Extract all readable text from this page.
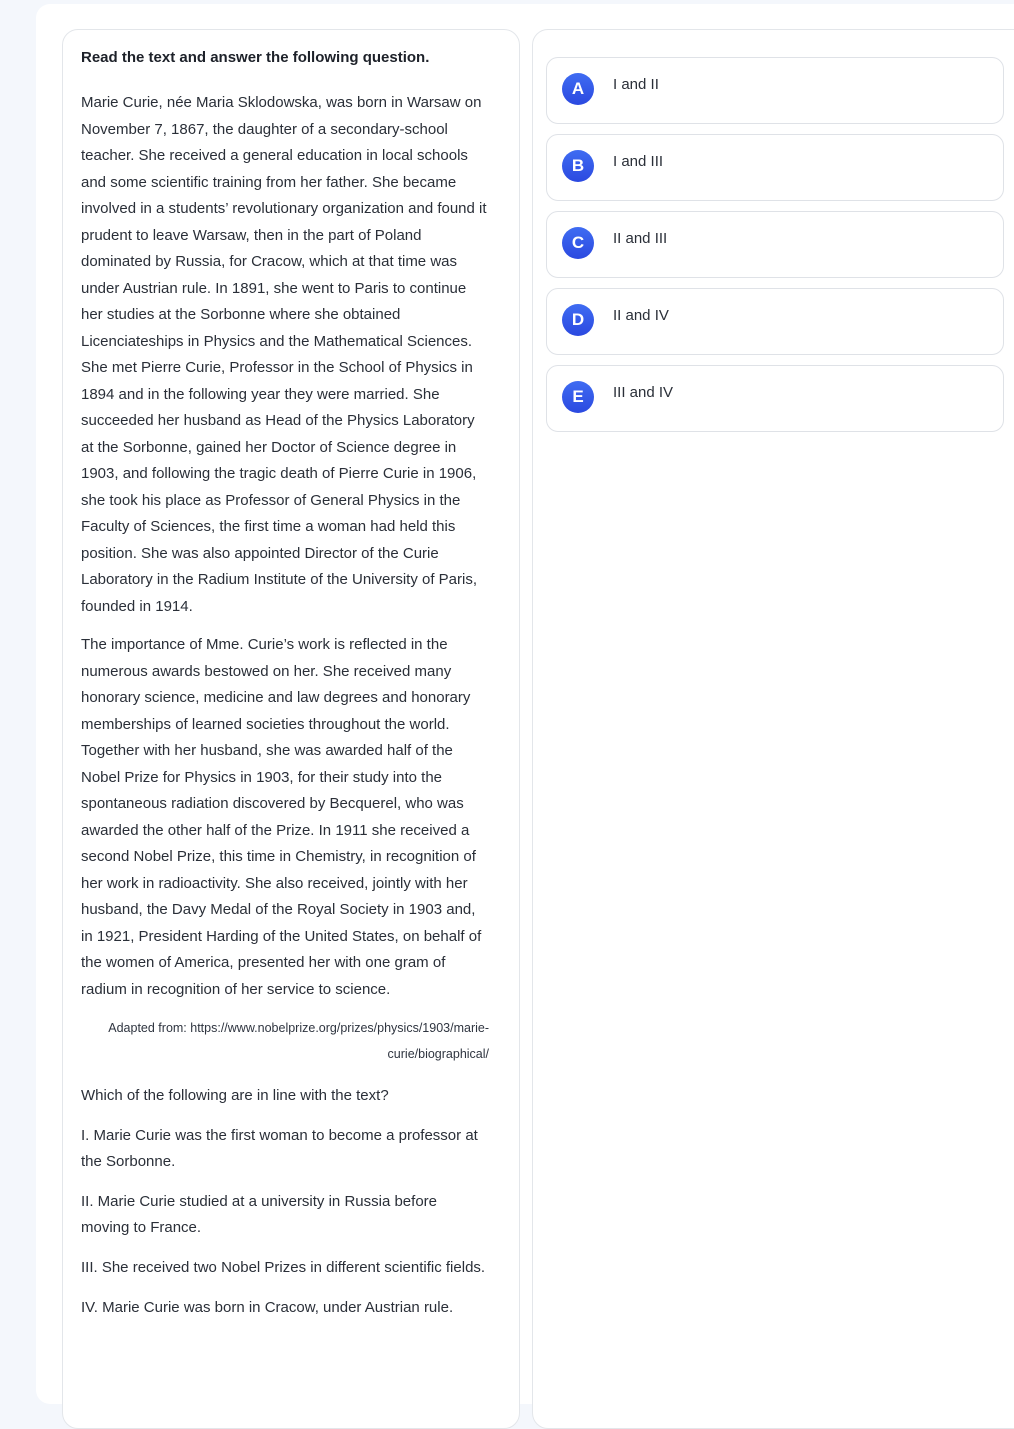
Read the text and answer the following question.

Marie Curie, née Maria Sklodowska, was born in Warsaw on November 7, 1867, the daughter of a secondary-school teacher. She received a general education in local schools and some scientific training from her father. She became involved in a students’ revolutionary organization and found it prudent to leave Warsaw, then in the part of Poland dominated by Russia, for Cracow, which at that time was under Austrian rule. In 1891, she went to Paris to continue her studies at the Sorbonne where she obtained Licenciateships in Physics and the Mathematical Sciences. She met Pierre Curie, Professor in the School of Physics in 1894 and in the following year they were married. She succeeded her husband as Head of the Physics Laboratory at the Sorbonne, gained her Doctor of Science degree in 1903, and following the tragic death of Pierre Curie in 1906, she took his place as Professor of General Physics in the Faculty of Sciences, the first time a woman had held this position. She was also appointed Director of the Curie Laboratory in the Radium Institute of the University of Paris, founded in 1914.

The importance of Mme. Curie’s work is reflected in the numerous awards bestowed on her. She received many honorary science, medicine and law degrees and honorary memberships of learned societies throughout the world. Together with her husband, she was awarded half of the Nobel Prize for Physics in 1903, for their study into the spontaneous radiation discovered by Becquerel, who was awarded the other half of the Prize. In 1911 she received a second Nobel Prize, this time in Chemistry, in recognition of her work in radioactivity. She also received, jointly with her husband, the Davy Medal of the Royal Society in 1903 and, in 1921, President Harding of the United States, on behalf of the women of America, presented her with one gram of radium in recognition of her service to science.

Adapted from: https://www.nobelprize.org/prizes/physics/1903/marie-curie/biographical/

Which of the following are in line with the text?

I. Marie Curie was the first woman to become a professor at the Sorbonne.

II. Marie Curie studied at a university in Russia before moving to France.

III. She received two Nobel Prizes in different scientific fields.

IV. Marie Curie was born in Cracow, under Austrian rule.

A	I and II
B	I and III
C	II and III
D	II and IV
E	III and IV
